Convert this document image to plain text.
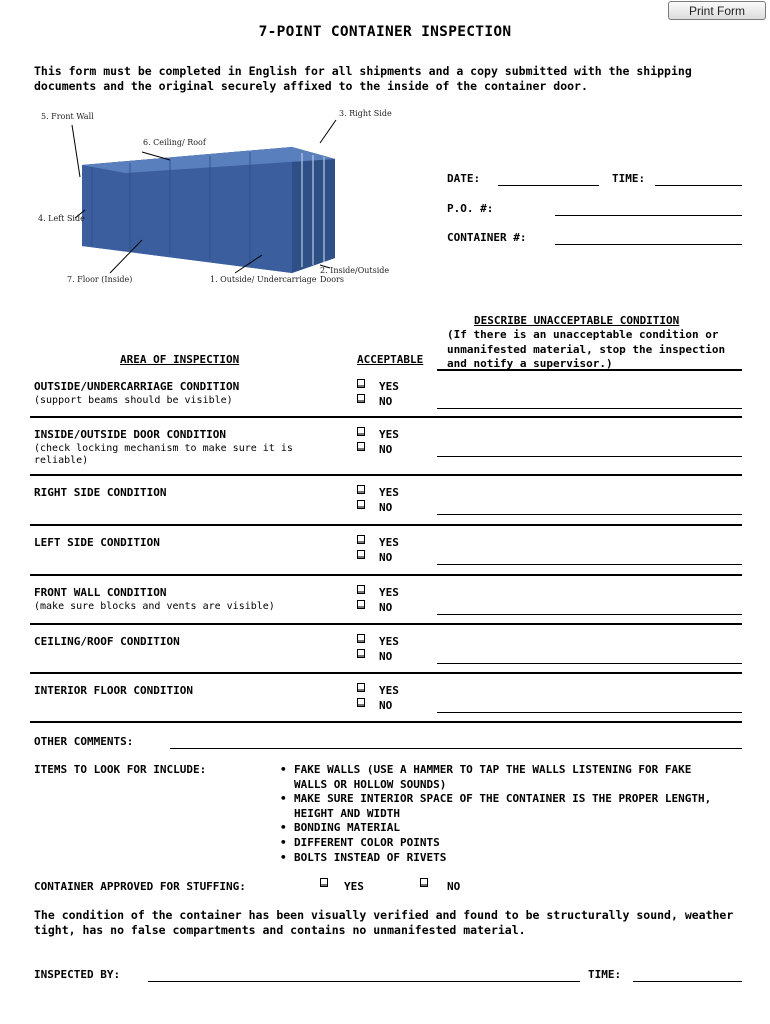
Print Form
7-POINT CONTAINER INSPECTION
This form must be completed in English for all shipments and a copy submitted with the shipping documents and the original securely affixed to the inside of the container door.
5. Front Wall
6. Ceiling/ Roof
3. Right Side
4. Left Side
7. Floor (Inside)	1. Outside/ Undercarriage
2. Inside/Outside Doors
DATE:	TIME:
P.O. #:
CONTAINER #:
DESCRIBE UNACCEPTABLE CONDITION
(If there is an unacceptable condition or unmanifested material, stop the inspection and notify a supervisor.)
AREA OF INSPECTION	ACCEPTABLE
OUTSIDE/UNDERCARRIAGE CONDITION
(support beams should be visible)
YES
NO
INSIDE/OUTSIDE DOOR CONDITION
(check locking mechanism to make sure it is reliable)
YES
NO
RIGHT SIDE CONDITION	YES
NO
LEFT SIDE CONDITION	YES
NO
FRONT WALL CONDITION
(make sure blocks and vents are visible)
YES
NO
CEILING/ROOF CONDITION	YES
NO
INTERIOR FLOOR CONDITION	YES
NO
OTHER COMMENTS:
ITEMS TO LOOK FOR INCLUDE:
•	FAKE WALLS (USE A HAMMER TO TAP THE WALLS LISTENING FOR FAKE WALLS OR HOLLOW SOUNDS)
• MAKE SURE INTERIOR SPACE OF THE CONTAINER IS THE PROPER LENGTH, HEIGHT AND WIDTH
• BONDING MATERIAL
• DIFFERENT COLOR POINTS
• BOLTS INSTEAD OF RIVETS
CONTAINER APPROVED FOR STUFFING:	YES	NO
The condition of the container has been visually verified and found to be structurally sound, weather tight, has no false compartments and contains no unmanifested material.
INSPECTED BY:	TIME:
